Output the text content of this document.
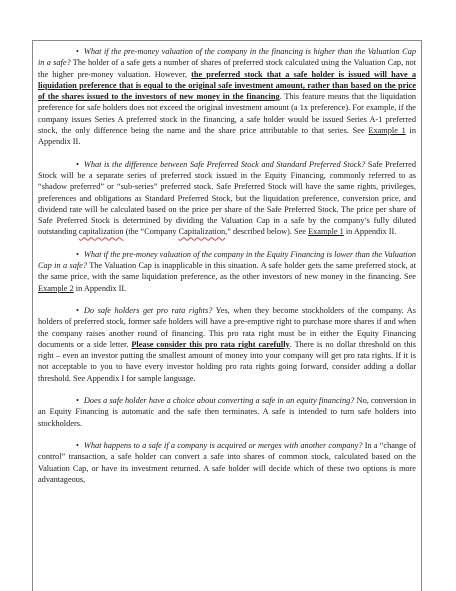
• What if the pre-money valuation of the company in the financing is higher than the Valuation Cap in a safe? The holder of a safe gets a number of shares of preferred stock calculated using the Valuation Cap, not the higher pre-money valuation. However, the preferred stock that a safe holder is issued will have a liquidation preference that is equal to the original safe investment amount, rather than based on the price of the shares issued to the investors of new money in the financing. This feature means that the liquidation preference for safe holders does not exceed the original investment amount (a 1x preference). For example, if the company issues Series A preferred stock in the financing, a safe holder would be issued Series A-1 preferred stock, the only difference being the name and the share price attributable to that series. See Example 1 in Appendix II.

• What is the difference between Safe Preferred Stock and Standard Preferred Stock? Safe Preferred Stock will be a separate series of preferred stock issued in the Equity Financing, commonly referred to as “shadow preferred” or “sub-series” preferred stock. Safe Preferred Stock will have the same rights, privileges, preferences and obligations as Standard Preferred Stock, but the liquidation preference, conversion price, and dividend rate will be calculated based on the price per share of the Safe Preferred Stock. The price per share of Safe Preferred Stock is determined by dividing the Valuation Cap in a safe by the company’s fully diluted outstanding capitalization (the “Company Capitalization,” described below). See Example 1 in Appendix II.

• What if the pre-money valuation of the company in the Equity Financing is lower than the Valuation Cap in a safe? The Valuation Cap is inapplicable in this situation. A safe holder gets the same preferred stock, at the same price, with the same liquidation preference, as the other investors of new money in the financing. See Example 2 in Appendix II.

• Do safe holders get pro rata rights? Yes, when they become stockholders of the company. As holders of preferred stock, former safe holders will have a pre-emptive right to purchase more shares if and when the company raises another round of financing. This pro rata right must be in either the Equity Financing documents or a side letter. Please consider this pro rata right carefully. There is no dollar threshold on this right – even an investor putting the smallest amount of money into your company will get pro rata rights. If it is not acceptable to you to have every investor holding pro rata rights going forward, consider adding a dollar threshold. See Appendix I for sample language.

• Does a safe holder have a choice about converting a safe in an equity financing? No, conversion in an Equity Financing is automatic and the safe then terminates. A safe is intended to turn safe holders into stockholders.

• What happens to a safe if a company is acquired or merges with another company? In a “change of control” transaction, a safe holder can convert a safe into shares of common stock, calculated based on the Valuation Cap, or have its investment returned. A safe holder will decide which of these two options is more advantageous,
